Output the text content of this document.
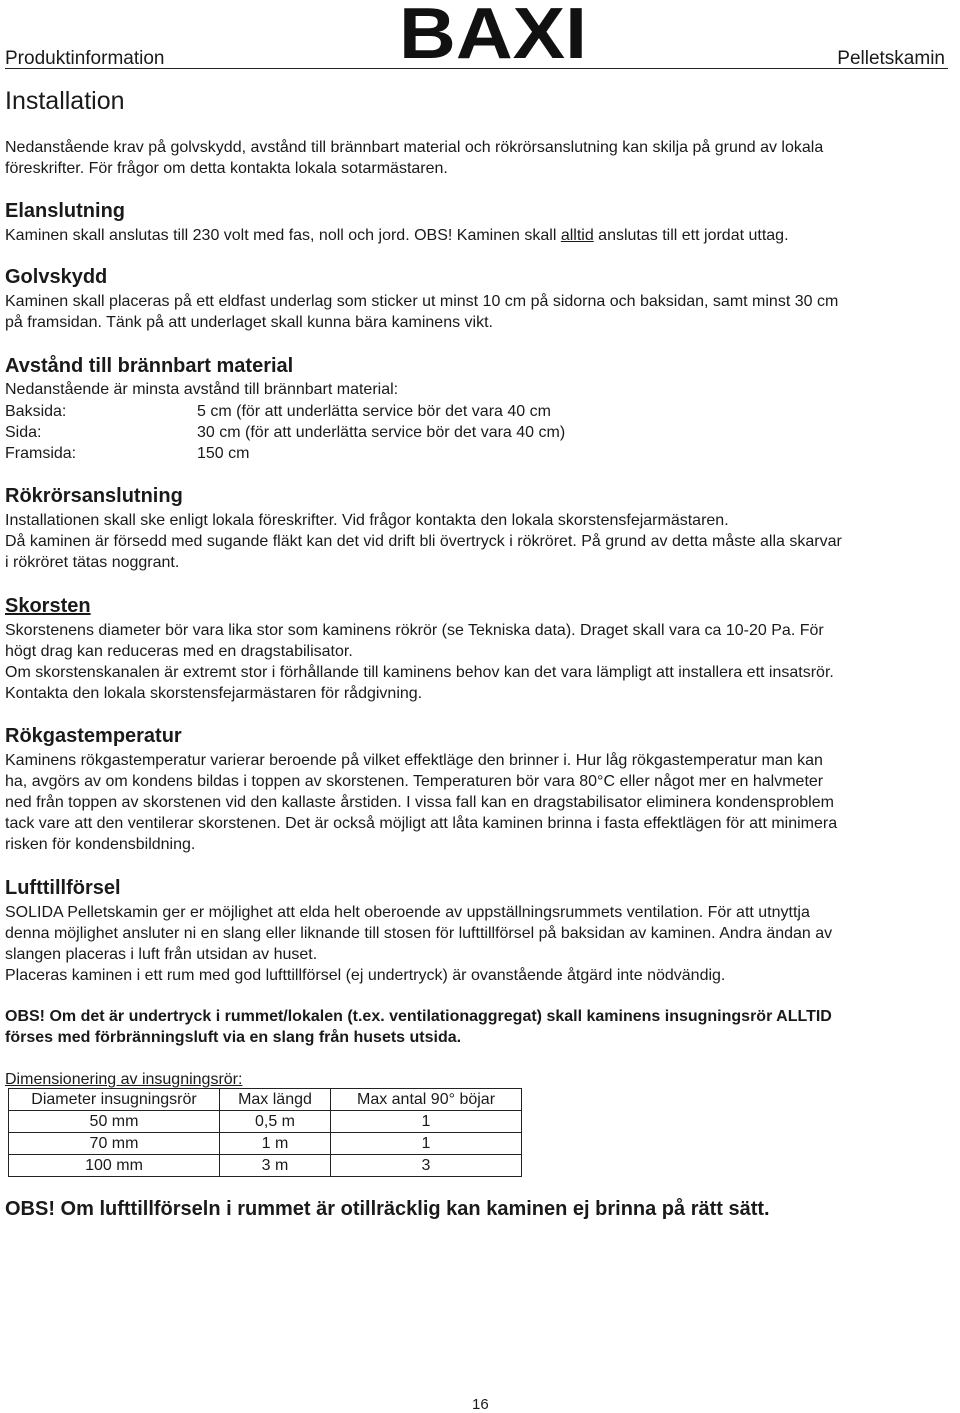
Produktinformation	BAXI	Pelletskamin
Installation
Nedanstående krav på golvskydd, avstånd till brännbart material och rökrörsanslutning kan skilja på grund av lokala
föreskrifter. För frågor om detta kontakta lokala sotarmästaren.
Elanslutning
Kaminen skall anslutas till 230 volt med fas, noll och jord. OBS! Kaminen skall alltid anslutas till ett jordat uttag.
Golvskydd
Kaminen skall placeras på ett eldfast underlag som sticker ut minst 10 cm på sidorna och baksidan, samt minst 30 cm
på framsidan. Tänk på att underlaget skall kunna bära kaminens vikt.
Avstånd till brännbart material
Nedanstående är minsta avstånd till brännbart material:
Baksida:	5 cm (för att underlätta service bör det vara 40 cm
Sida:	30 cm (för att underlätta service bör det vara 40 cm)
Framsida:	150 cm
Rökrörsanslutning
Installationen skall ske enligt lokala föreskrifter. Vid frågor kontakta den lokala skorstensfejarmästaren.
Då kaminen är försedd med sugande fläkt kan det vid drift bli övertryck i rökröret. På grund av detta måste alla skarvar
i rökröret tätas noggrant.
Skorsten
Skorstenens diameter bör vara lika stor som kaminens rökrör (se Tekniska data). Draget skall vara ca 10-20 Pa. För
högt drag kan reduceras med en dragstabilisator.
Om skorstenskanalen är extremt stor i förhållande till kaminens behov kan det vara lämpligt att installera ett insatsrör.
Kontakta den lokala skorstensfejarmästaren för rådgivning.
Rökgastemperatur
Kaminens rökgastemperatur varierar beroende på vilket effektläge den brinner i. Hur låg rökgastemperatur man kan
ha, avgörs av om kondens bildas i toppen av skorstenen. Temperaturen bör vara 80°C eller något mer en halvmeter
ned från toppen av skorstenen vid den kallaste årstiden. I vissa fall kan en dragstabilisator eliminera kondensproblem
tack vare att den ventilerar skorstenen. Det är också möjligt att låta kaminen brinna i fasta effektlägen för att minimera
risken för kondensbildning.
Lufttillförsel
SOLIDA Pelletskamin ger er möjlighet att elda helt oberoende av uppställningsrummets ventilation. För att utnyttja
denna möjlighet ansluter ni en slang eller liknande till stosen för lufttillförsel på baksidan av kaminen. Andra ändan av
slangen placeras i luft från utsidan av huset.
Placeras kaminen i ett rum med god lufttillförsel (ej undertryck) är ovanstående åtgärd inte nödvändig.
OBS! Om det är undertryck i rummet/lokalen (t.ex. ventilationaggregat) skall kaminens insugningsrör ALLTID
förses med förbränningsluft via en slang från husets utsida.
Dimensionering av insugningsrör:
Diameter insugningsrör	Max längd	Max antal 90° böjar
50 mm	0,5 m	1
70 mm	1 m	1
100 mm	3 m	3
OBS! Om lufttillförseln i rummet är otillräcklig kan kaminen ej brinna på rätt sätt.
16
